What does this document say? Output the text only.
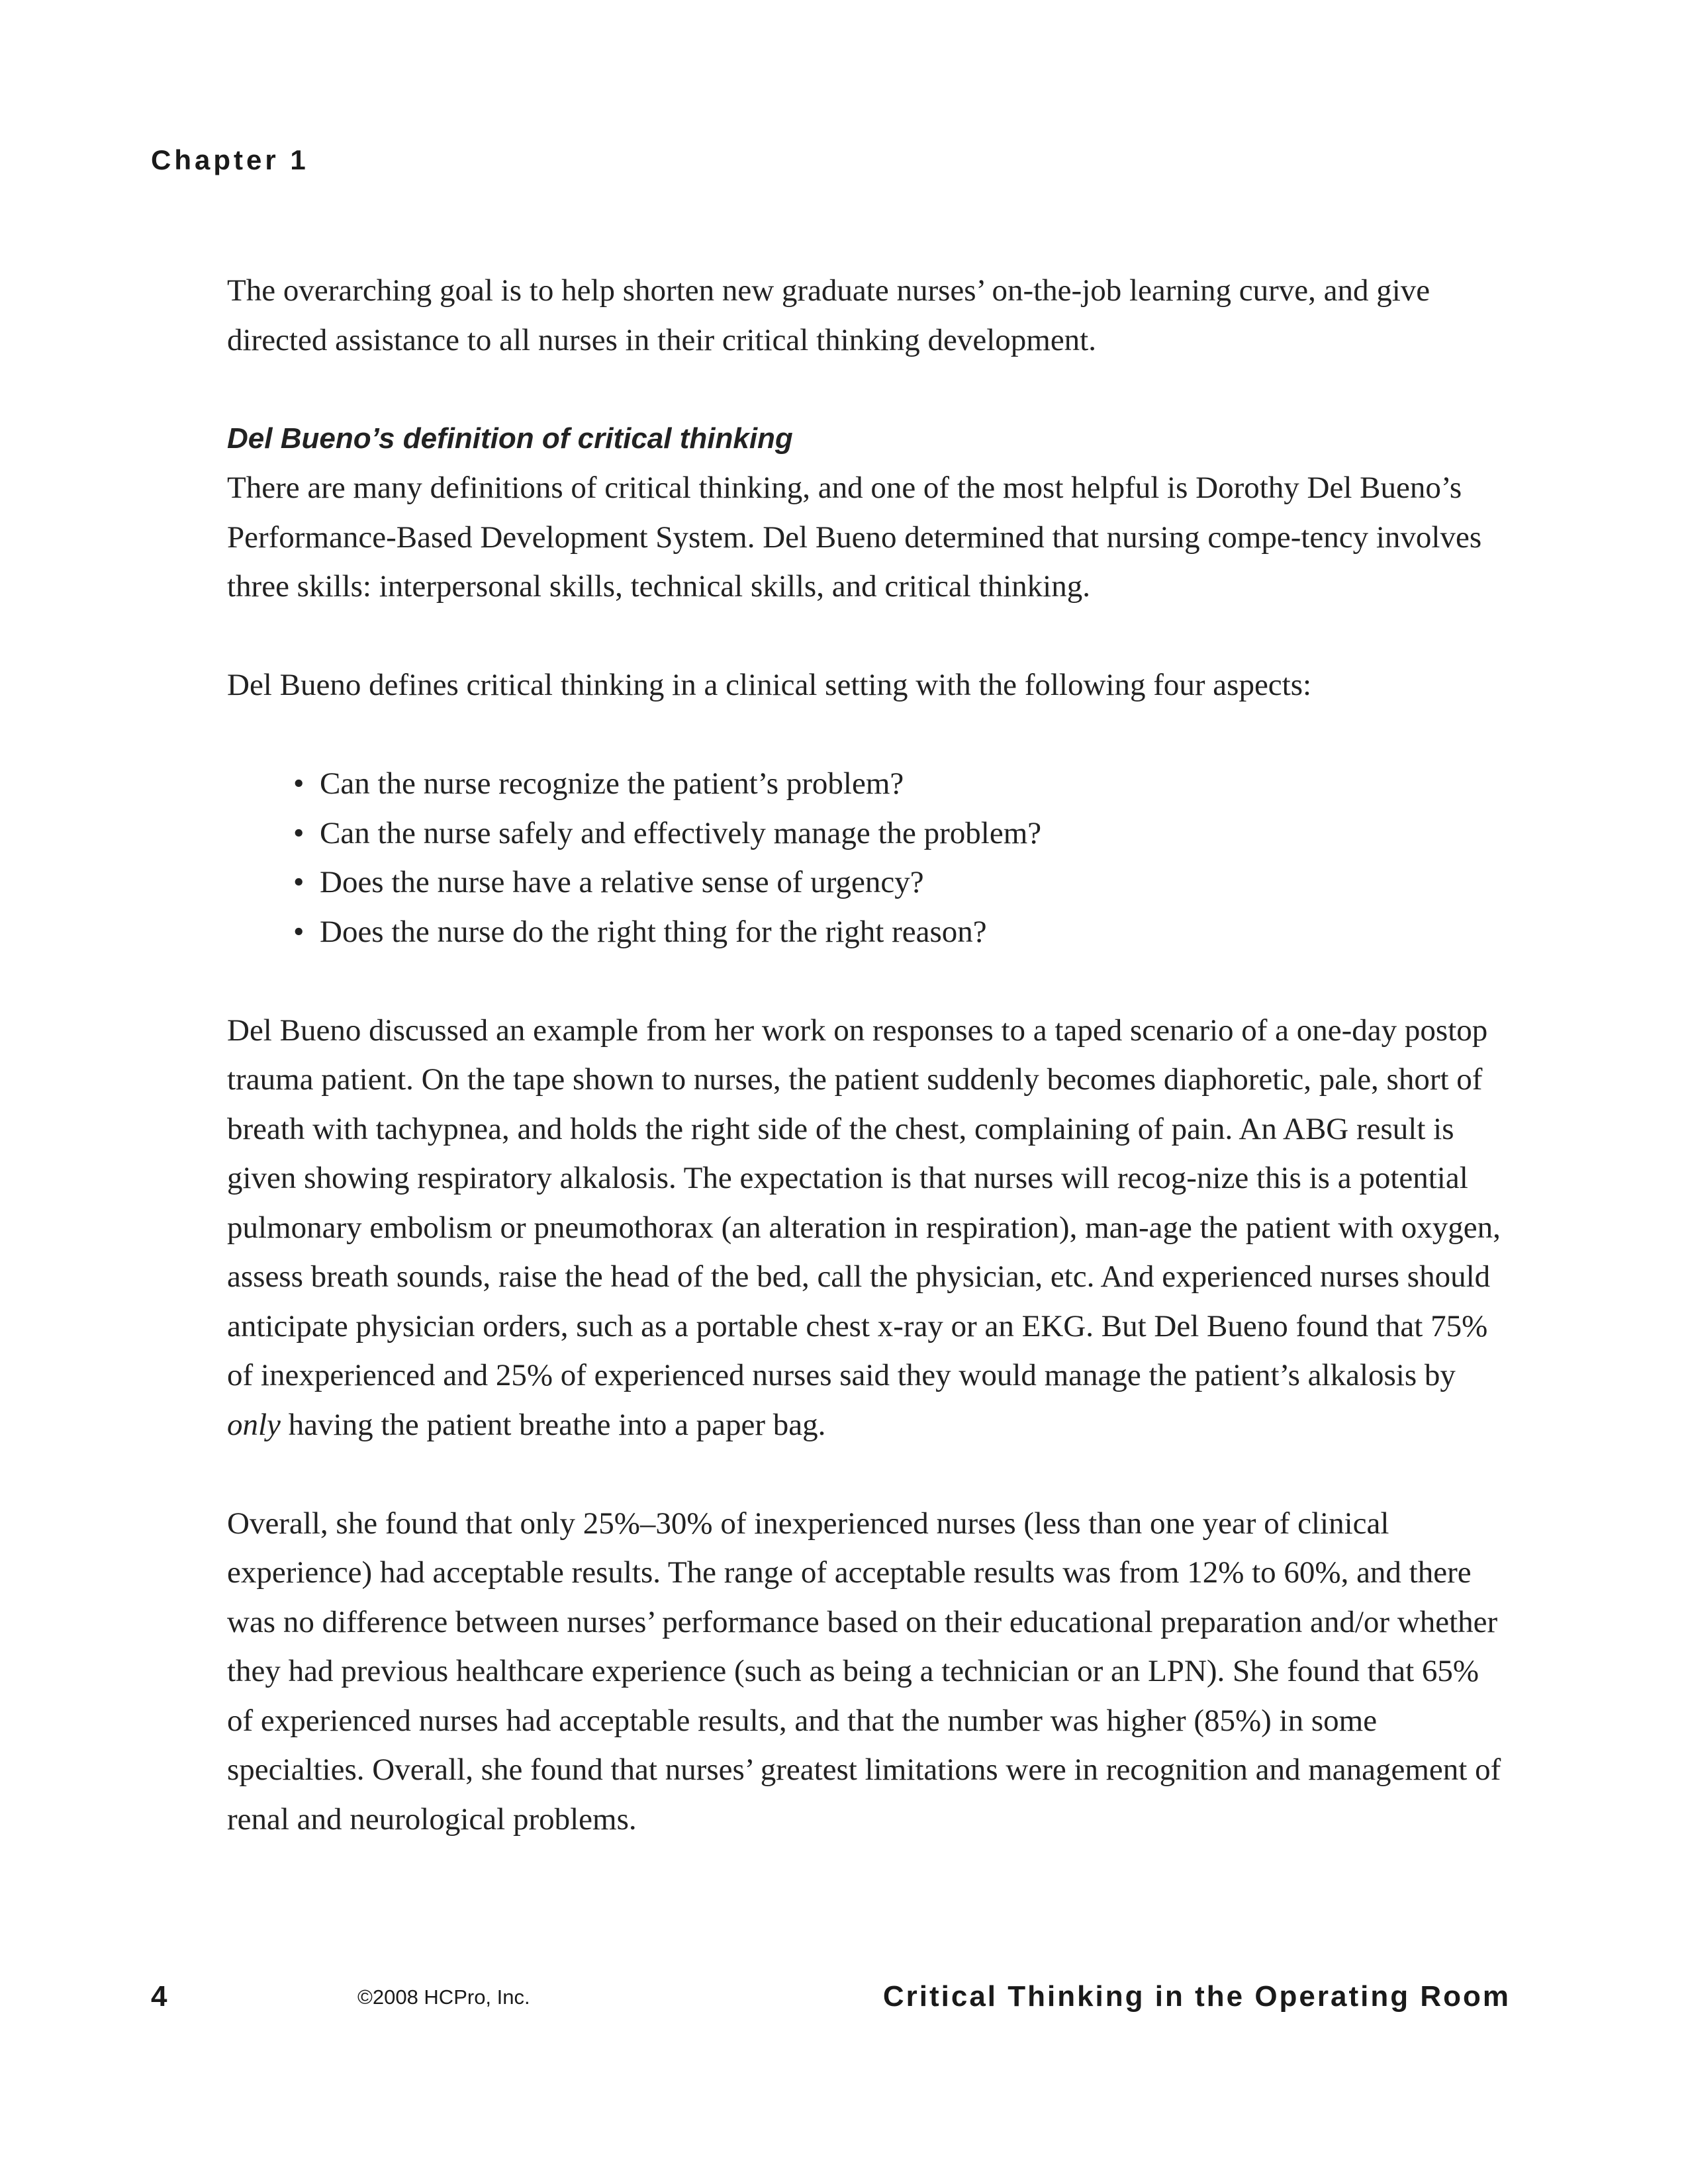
Chapter 1

The overarching goal is to help shorten new graduate nurses’ on-the-job learning curve, and give directed assistance to all nurses in their critical thinking development.

Del Bueno’s definition of critical thinking

There are many definitions of critical thinking, and one of the most helpful is Dorothy Del Bueno’s Performance-Based Development System. Del Bueno determined that nursing compe-tency involves three skills: interpersonal skills, technical skills, and critical thinking.

Del Bueno defines critical thinking in a clinical setting with the following four aspects:

• Can the nurse recognize the patient’s problem?
• Can the nurse safely and effectively manage the problem?
• Does the nurse have a relative sense of urgency?
• Does the nurse do the right thing for the right reason?

Del Bueno discussed an example from her work on responses to a taped scenario of a one-day postop trauma patient. On the tape shown to nurses, the patient suddenly becomes diaphoretic, pale, short of breath with tachypnea, and holds the right side of the chest, complaining of pain. An ABG result is given showing respiratory alkalosis. The expectation is that nurses will recog-nize this is a potential pulmonary embolism or pneumothorax (an alteration in respiration), man-age the patient with oxygen, assess breath sounds, raise the head of the bed, call the physician, etc. And experienced nurses should anticipate physician orders, such as a portable chest x-ray or an EKG. But Del Bueno found that 75% of inexperienced and 25% of experienced nurses said they would manage the patient’s alkalosis by only having the patient breathe into a paper bag.

Overall, she found that only 25%–30% of inexperienced nurses (less than one year of clinical experience) had acceptable results. The range of acceptable results was from 12% to 60%, and there was no difference between nurses’ performance based on their educational preparation and/or whether they had previous healthcare experience (such as being a technician or an LPN). She found that 65% of experienced nurses had acceptable results, and that the number was higher (85%) in some specialties. Overall, she found that nurses’ greatest limitations were in recognition and management of renal and neurological problems.

4	©2008 HCPro, Inc.	Critical Thinking in the Operating Room
